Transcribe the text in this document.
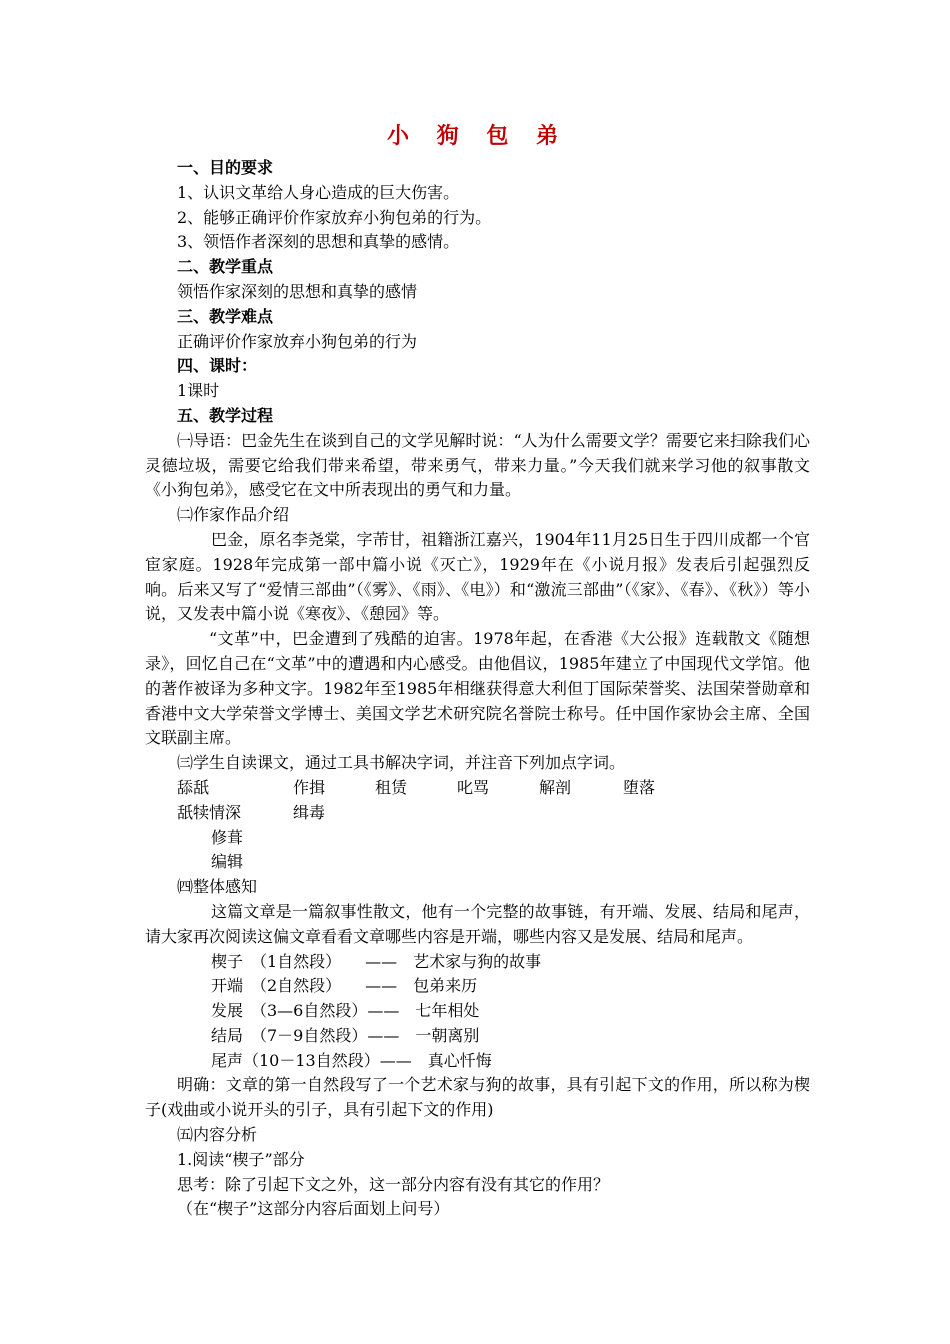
小 狗 包 弟
一、目的要求
1、认识文革给人身心造成的巨大伤害。
2、能够正确评价作家放弃小狗包弟的行为。
3、领悟作者深刻的思想和真挚的感情。
二、教学重点
领悟作家深刻的思想和真挚的感情
三、教学难点
正确评价作家放弃小狗包弟的行为
四、课时：
1课时
五、教学过程
㈠导语：巴金先生在谈到自己的文学见解时说：“人为什么需要文学？需要它来扫除我们心灵德垃圾，需要它给我们带来希望，带来勇气，带来力量。”今天我们就来学习他的叙事散文《小狗包弟》，感受它在文中所表现出的勇气和力量。
㈡作家作品介绍
巴金，原名李尧棠，字芾甘，祖籍浙江嘉兴，1904年11月25日生于四川成都一个官宦家庭。1928年完成第一部中篇小说《灭亡》，1929年在《小说月报》发表后引起强烈反响。后来又写了“爱情三部曲”（《雾》、《雨》、《电》）和“激流三部曲”（《家》、《春》、《秋》）等小说，又发表中篇小说《寒夜》、《憩园》等。
“文革”中，巴金遭到了残酷的迫害。1978年起，在香港《大公报》连载散文《随想录》，回忆自己在“文革”中的遭遇和内心感受。由他倡议，1985年建立了中国现代文学馆。他的著作被译为多种文字。1982年至1985年相继获得意大利但丁国际荣誉奖、法国荣誉勋章和香港中文大学荣誉文学博士、美国文学艺术研究院名誉院士称号。任中国作家协会主席、全国文联副主席。
㈢学生自读课文，通过工具书解决字词，并注音下列加点字词。
舔舐	作揖	租赁	叱骂	解剖	堕落
舐犊情深	缉毒
修葺
编辑
㈣整体感知
这篇文章是一篇叙事性散文，他有一个完整的故事链，有开端、发展、结局和尾声，请大家再次阅读这偏文章看看文章哪些内容是开端，哪些内容又是发展、结局和尾声。
楔子　（1自然段）　　——　艺术家与狗的故事
开端　（2自然段）　　——　包弟来历
发展　（3—6自然段）——　七年相处
结局　（7－9自然段）——　一朝离别
尾声（10－13自然段）——　真心忏悔
明确：文章的第一自然段写了一个艺术家与狗的故事，具有引起下文的作用，所以称为楔子(戏曲或小说开头的引子，具有引起下文的作用)
㈤内容分析
1.阅读“楔子”部分
思考：除了引起下文之外，这一部分内容有没有其它的作用？
（在“楔子”这部分内容后面划上问号）
